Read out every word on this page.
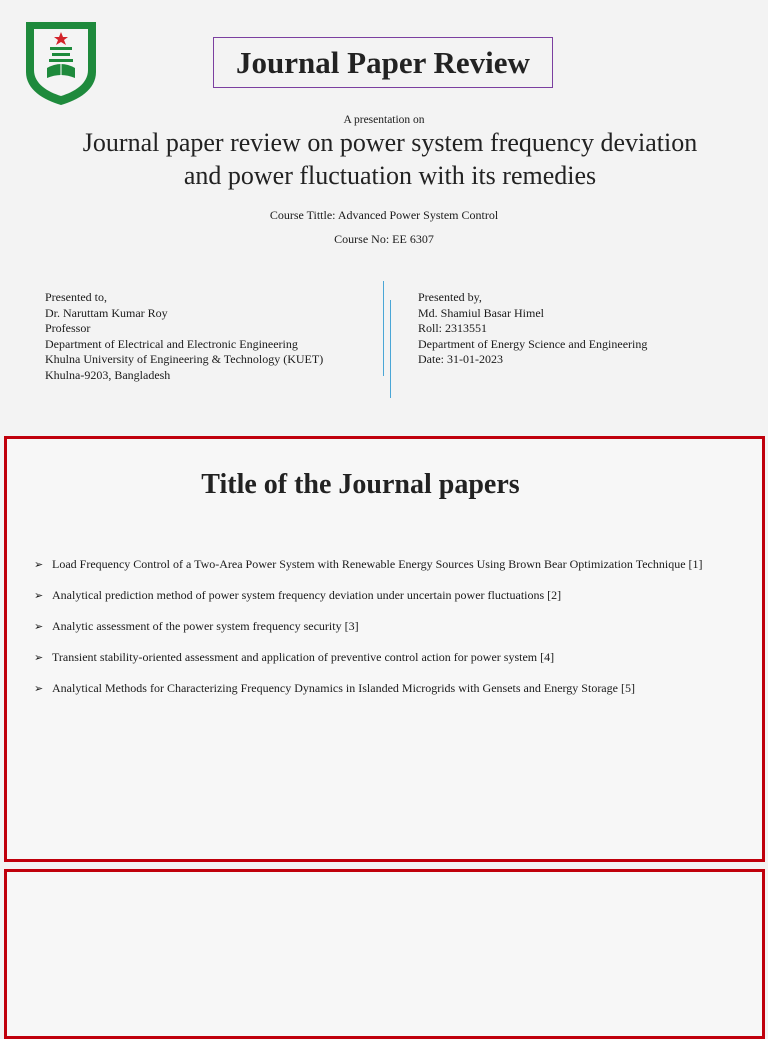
Journal Paper Review
A presentation on
Journal paper review on power system frequency deviation
and power fluctuation with its remedies
Course Tittle: Advanced Power System Control
Course No: EE 6307
Presented to,
Dr. Naruttam Kumar Roy
Professor
Department of Electrical and Electronic Engineering
Khulna University of Engineering & Technology (KUET)
Khulna-9203, Bangladesh
Presented by,
Md. Shamiul Basar Himel
Roll: 2313551
Department of Energy Science and Engineering
Date: 31-01-2023
Title of the Journal papers
➢ Load Frequency Control of a Two-Area Power System with Renewable Energy Sources Using Brown Bear Optimization Technique [1]
➢ Analytical prediction method of power system frequency deviation under uncertain power fluctuations [2]
➢ Analytic assessment of the power system frequency security [3]
➢ Transient stability-oriented assessment and application of preventive control action for power system [4]
➢ Analytical Methods for Characterizing Frequency Dynamics in Islanded Microgrids with Gensets and Energy Storage [5]
